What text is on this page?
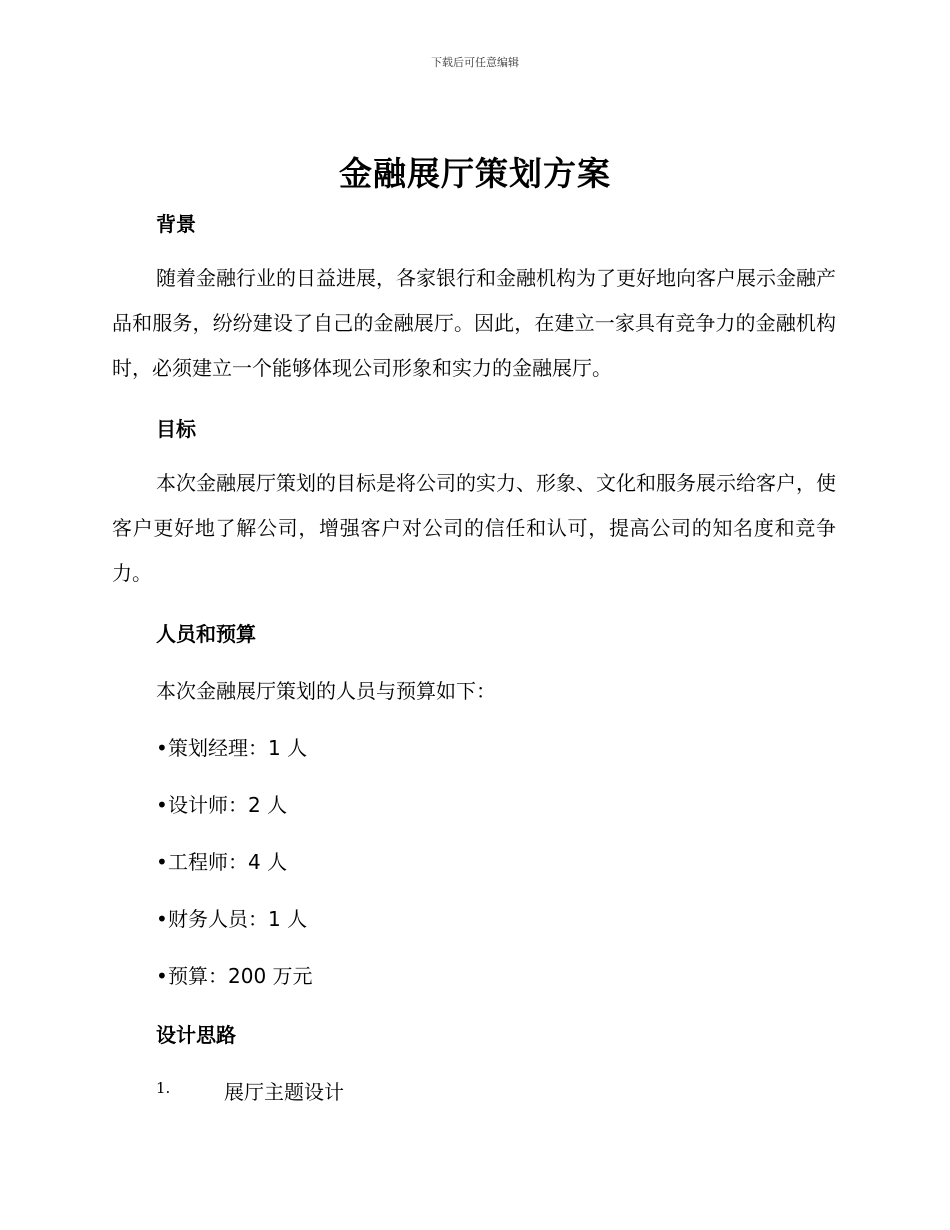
下载后可任意编辑
金融展厅策划方案
背景

随着金融行业的日益进展，各家银行和金融机构为了更好地向客户展示金融产品和服务，纷纷建设了自己的金融展厅。因此，在建立一家具有竞争力的金融机构时，必须建立一个能够体现公司形象和实力的金融展厅。

目标

本次金融展厅策划的目标是将公司的实力、形象、文化和服务展示给客户，使客户更好地了解公司，增强客户对公司的信任和认可，提高公司的知名度和竞争力。

人员和预算
本次金融展厅策划的人员与预算如下：
•策划经理：1 人
•设计师：2 人
•工程师：4 人
•财务人员：1 人
•预算：200 万元
设计思路
1.	展厅主题设计
